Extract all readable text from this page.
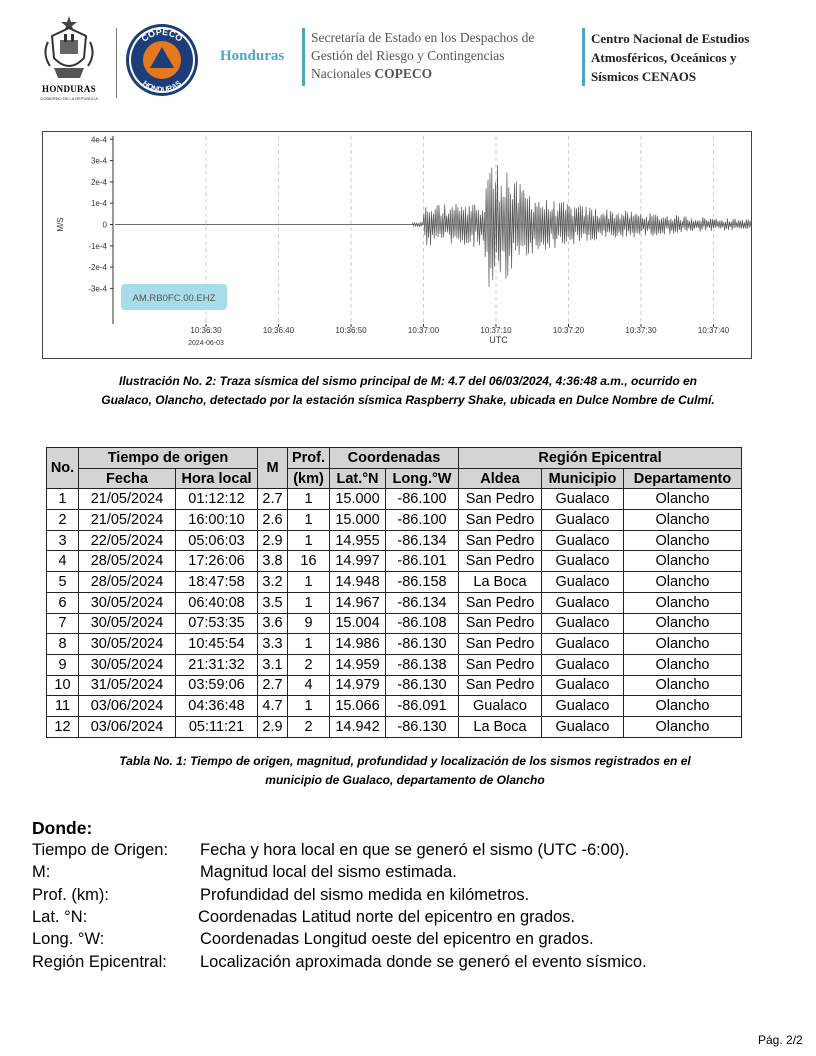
HONDURAS
GOBIERNO DE LA REPÚBLICA
COPECO
HONDURAS
Honduras
Secretaría de Estado en los Despachos de
Gestión del Riesgo y Contingencias
Nacionales COPECO
Centro Nacional de Estudios
Atmosféricos, Oceánicos y
Sísmicos CENAOS
4e-4
3e-4
2e-4
1e-4
0
-1e-4
-2e-4
-3e-4
M/S
10:36:30	10:36:40	10:36:50	10:37:00	10:37:10	10:37:20	10:37:30	10:37:40
2024-06-03	UTC
AM.RB0FC.00.EHZ
Ilustración No. 2: Traza sísmica del sismo principal de M: 4.7 del 06/03/2024, 4:36:48 a.m., ocurrido en
Gualaco, Olancho, detectado por la estación sísmica Raspberry Shake, ubicada en Dulce Nombre de Culmí.
No.	Tiempo de origen		M	Prof.	Coordenadas		Región Epicentral		
	Fecha	Hora local		(km)	Lat.°N	Long.°W	Aldea	Municipio	Departamento
1	21/05/2024	01:12:12	2.7	1	15.000	-86.100	San Pedro	Gualaco	Olancho
2	21/05/2024	16:00:10	2.6	1	15.000	-86.100	San Pedro	Gualaco	Olancho
3	22/05/2024	05:06:03	2.9	1	14.955	-86.134	San Pedro	Gualaco	Olancho
4	28/05/2024	17:26:06	3.8	16	14.997	-86.101	San Pedro	Gualaco	Olancho
5	28/05/2024	18:47:58	3.2	1	14.948	-86.158	La Boca	Gualaco	Olancho
6	30/05/2024	06:40:08	3.5	1	14.967	-86.134	San Pedro	Gualaco	Olancho
7	30/05/2024	07:53:35	3.6	9	15.004	-86.108	San Pedro	Gualaco	Olancho
8	30/05/2024	10:45:54	3.3	1	14.986	-86.130	San Pedro	Gualaco	Olancho
9	30/05/2024	21:31:32	3.1	2	14.959	-86.138	San Pedro	Gualaco	Olancho
10	31/05/2024	03:59:06	2.7	4	14.979	-86.130	San Pedro	Gualaco	Olancho
11	03/06/2024	04:36:48	4.7	1	15.066	-86.091	Gualaco	Gualaco	Olancho
12	03/06/2024	05:11:21	2.9	2	14.942	-86.130	La Boca	Gualaco	Olancho
Tabla No. 1: Tiempo de origen, magnitud, profundidad y localización de los sismos registrados en el
municipio de Gualaco, departamento de Olancho
Donde:
Tiempo de Origen: Fecha y hora local en que se generó el sismo (UTC -6:00).
M:	Magnitud local del sismo estimada.
Prof. (km):	Profundidad del sismo medida en kilómetros.
Lat. °N:	Coordenadas Latitud norte del epicentro en grados.
Long. °W:	Coordenadas Longitud oeste del epicentro en grados.
Región Epicentral: Localización aproximada donde se generó el evento sísmico.
Pág. 2/2
